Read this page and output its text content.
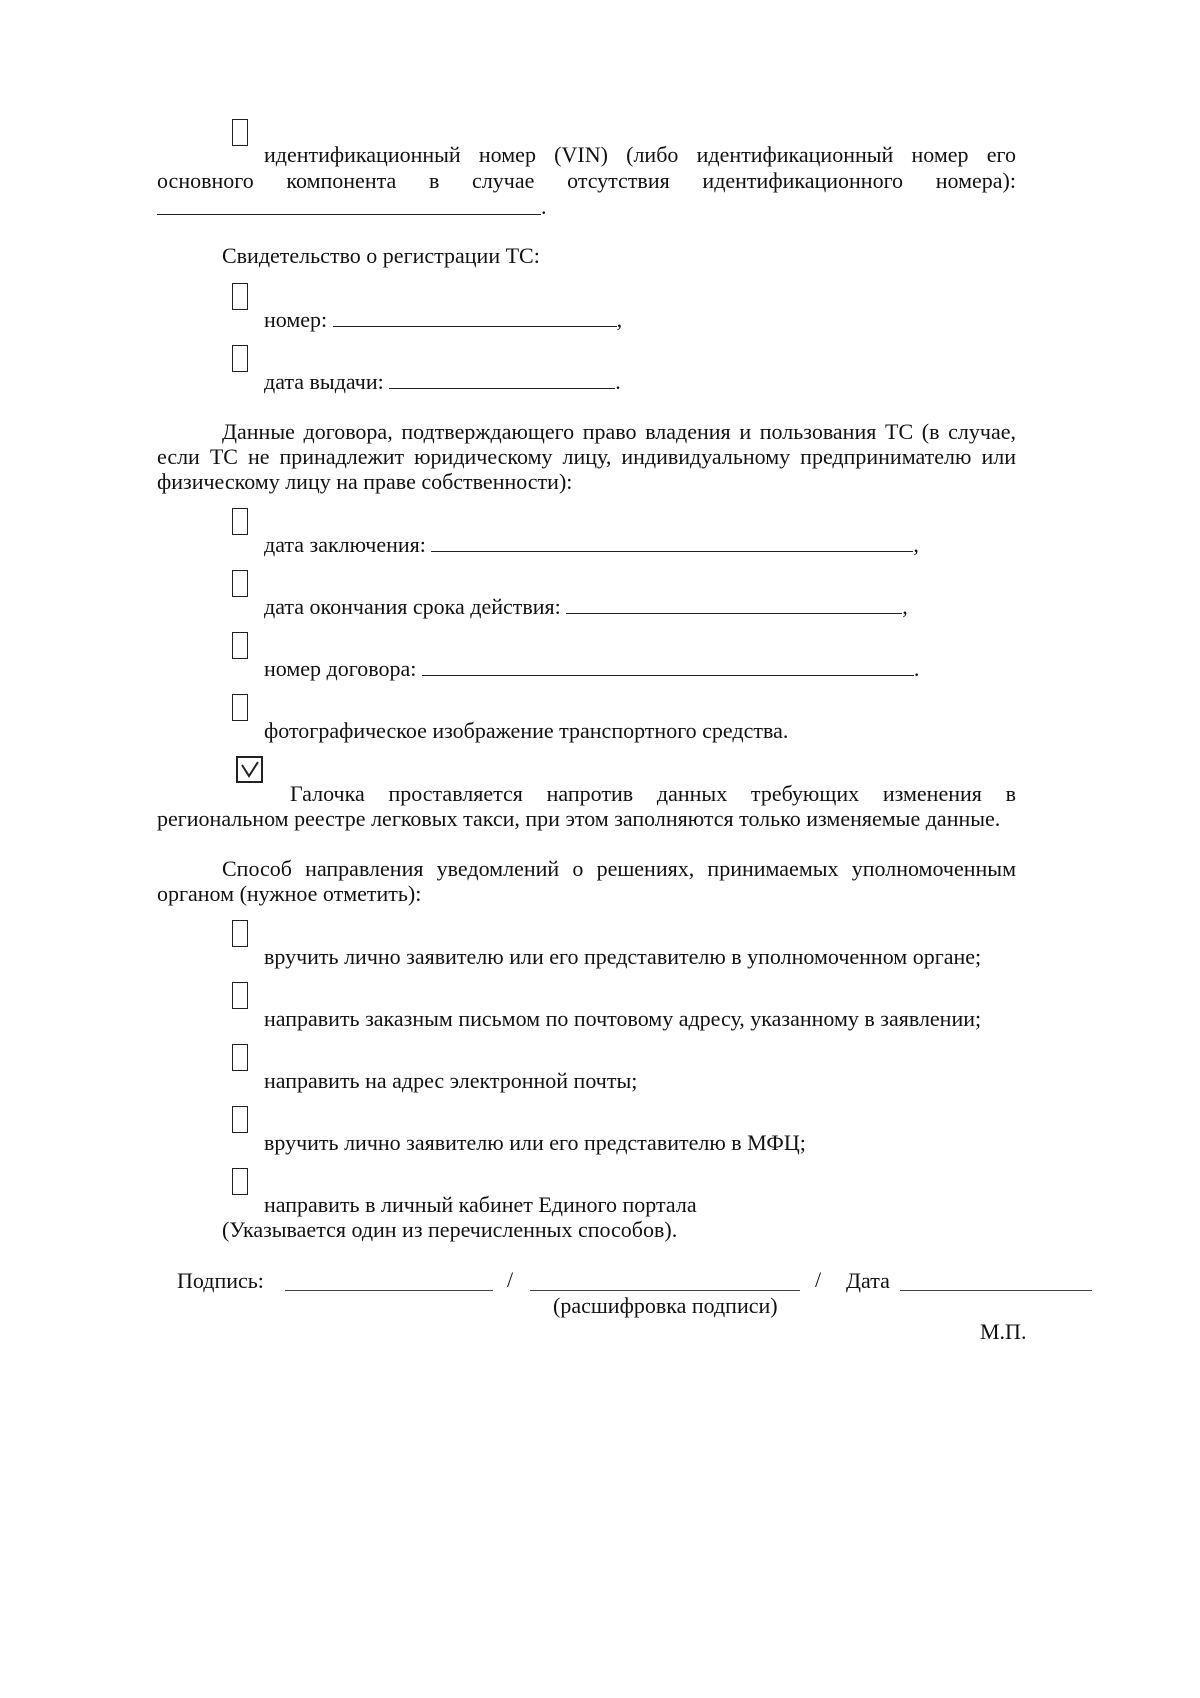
идентификационный номер (VIN) (либо идентификационный номер его
основного компонента в случае отсутствия идентификационного номера):
.
Свидетельство о регистрации ТС:
номер:	,
дата выдачи:	.
Данные договора, подтверждающего право владения и пользования ТС (в случае,
если ТС не принадлежит юридическому лицу, индивидуальному предпринимателю или
физическому лицу на праве собственности):
дата заключения:	,
дата окончания срока действия:	,
номер договора:	.
фотографическое изображение транспортного средства.
Галочка проставляется напротив данных требующих изменения в
региональном реестре легковых такси, при этом заполняются только изменяемые данные.
Способ направления уведомлений о решениях, принимаемых уполномоченным
органом (нужное отметить):
вручить лично заявителю или его представителю в уполномоченном органе;
направить заказным письмом по почтовому адресу, указанному в заявлении;
направить на адрес электронной почты;
вручить лично заявителю или его представителю в МФЦ;
направить в личный кабинет Единого портала
(Указывается один из перечисленных способов).
Подпись:	/	/ Дата
(расшифровка подписи)
М.П.
